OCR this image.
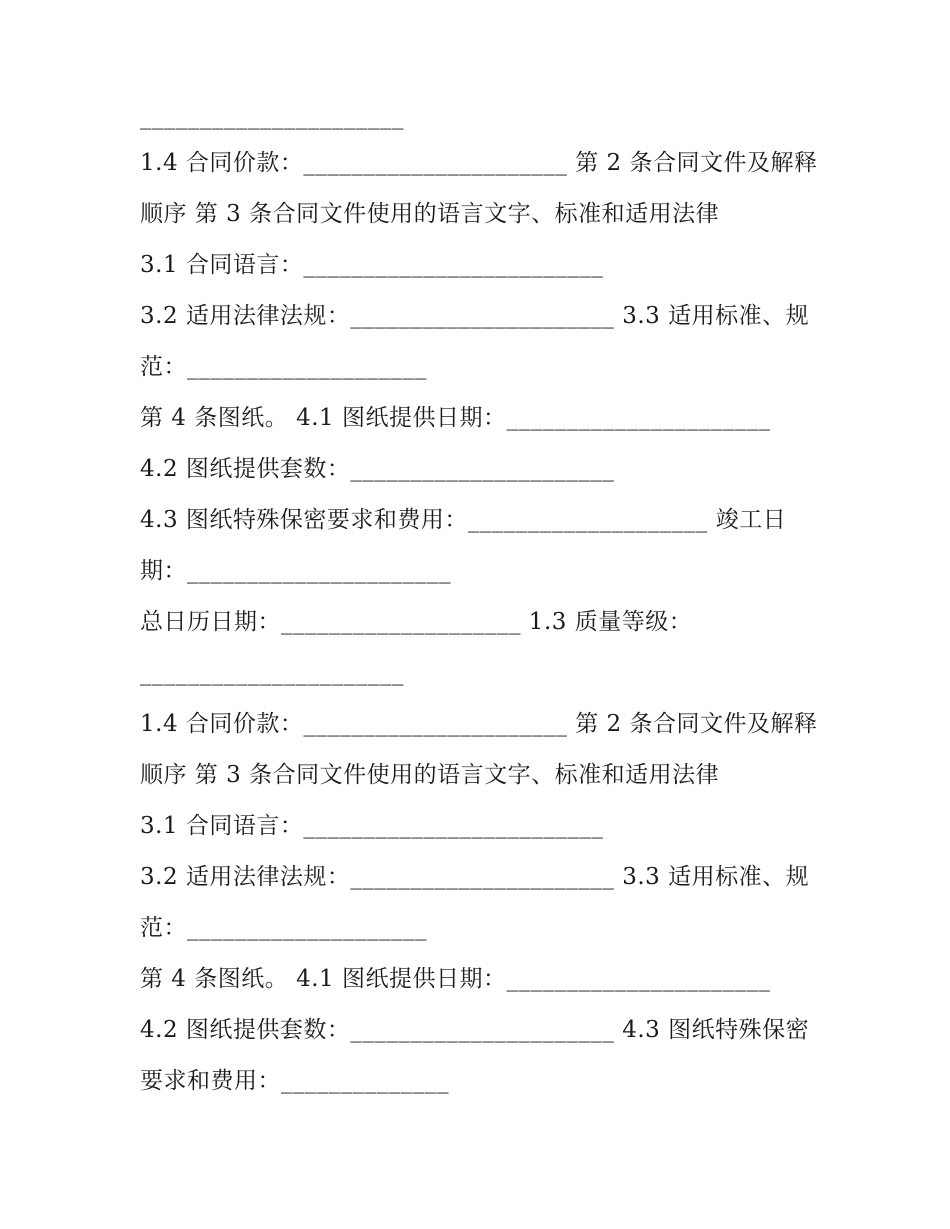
______________________
1.4 合同价款：______________________ 第 2 条合同文件及解释
顺序 第 3 条合同文件使用的语言文字、标准和适用法律
3.1 合同语言：_________________________
3.2 适用法律法规：______________________ 3.3 适用标准、规
范：____________________
第 4 条图纸。 4.1 图纸提供日期：______________________
4.2 图纸提供套数：______________________
4.3 图纸特殊保密要求和费用：____________________ 竣工日
期：______________________
总日历日期：____________________ 1.3 质量等级：
______________________
1.4 合同价款：______________________ 第 2 条合同文件及解释
顺序 第 3 条合同文件使用的语言文字、标准和适用法律
3.1 合同语言：_________________________
3.2 适用法律法规：______________________ 3.3 适用标准、规
范：____________________
第 4 条图纸。 4.1 图纸提供日期：______________________
4.2 图纸提供套数：______________________ 4.3 图纸特殊保密
要求和费用：______________
